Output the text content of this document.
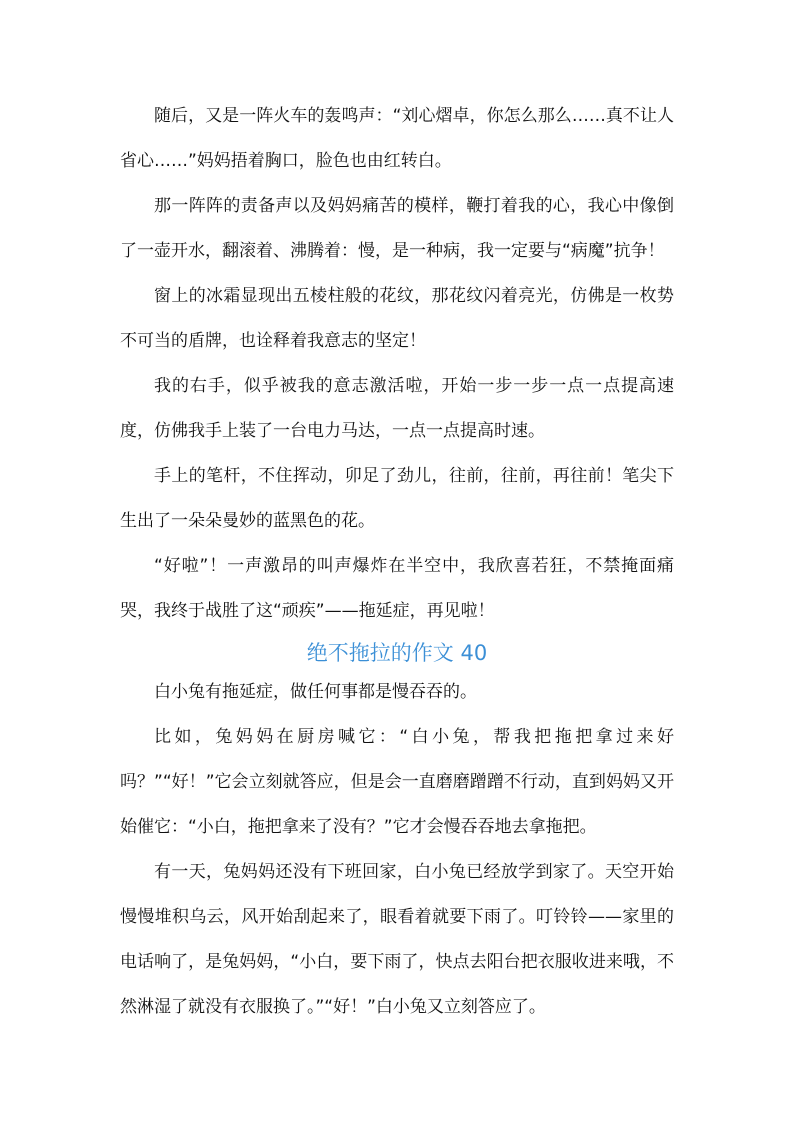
随后，又是一阵火车的轰鸣声：“刘心熠卓，你怎么那么……真不让人省心……”妈妈捂着胸口，脸色也由红转白。

那一阵阵的责备声以及妈妈痛苦的模样，鞭打着我的心，我心中像倒了一壶开水，翻滚着、沸腾着：慢，是一种病，我一定要与“病魔”抗争！

窗上的冰霜显现出五棱柱般的花纹，那花纹闪着亮光，仿佛是一枚势不可当的盾牌，也诠释着我意志的坚定！

我的右手，似乎被我的意志激活啦，开始一步一步一点一点提高速度，仿佛我手上装了一台电力马达，一点一点提高时速。

手上的笔杆，不住挥动，卯足了劲儿，往前，往前，再往前！笔尖下生出了一朵朵曼妙的蓝黑色的花。

“好啦”！一声激昂的叫声爆炸在半空中，我欣喜若狂，不禁掩面痛哭，我终于战胜了这“顽疾”——拖延症，再见啦！

绝不拖拉的作文 40

白小兔有拖延症，做任何事都是慢吞吞的。

比如，兔妈妈在厨房喊它：“白小兔，帮我把拖把拿过来好吗？”“好！”它会立刻就答应，但是会一直磨磨蹭蹭不行动，直到妈妈又开始催它：“小白，拖把拿来了没有？”它才会慢吞吞地去拿拖把。

有一天，兔妈妈还没有下班回家，白小兔已经放学到家了。天空开始慢慢堆积乌云，风开始刮起来了，眼看着就要下雨了。叮铃铃——家里的电话响了，是兔妈妈，“小白，要下雨了，快点去阳台把衣服收进来哦，不然淋湿了就没有衣服换了。”“好！”白小兔又立刻答应了。
